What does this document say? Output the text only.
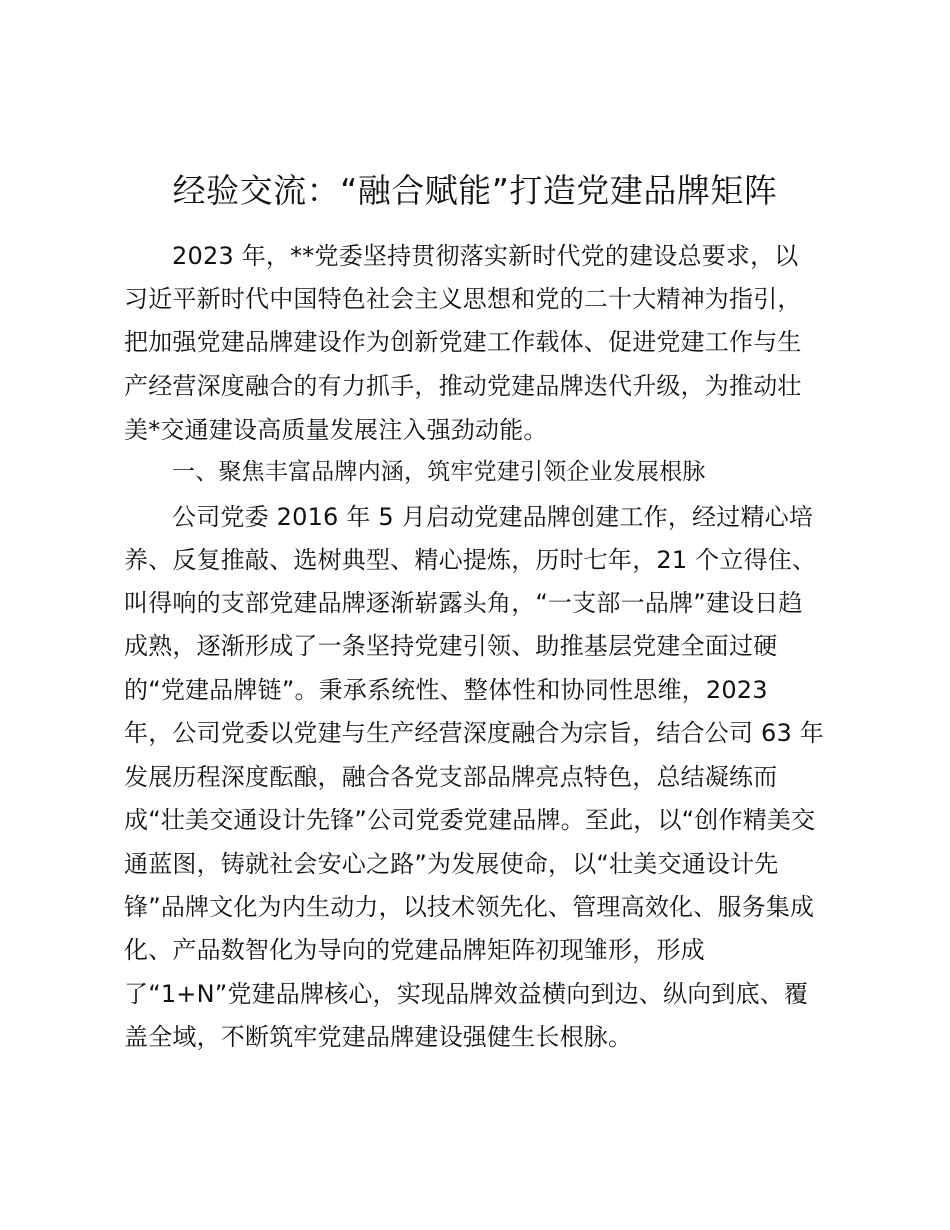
经验交流：“融合赋能”打造党建品牌矩阵
2023 年，**党委坚持贯彻落实新时代党的建设总要求，以
习近平新时代中国特色社会主义思想和党的二十大精神为指引，
把加强党建品牌建设作为创新党建工作载体、促进党建工作与生
产经营深度融合的有力抓手，推动党建品牌迭代升级，为推动壮
美*交通建设高质量发展注入强劲动能。
一、聚焦丰富品牌内涵，筑牢党建引领企业发展根脉
公司党委 2016 年 5 月启动党建品牌创建工作，经过精心培
养、反复推敲、选树典型、精心提炼，历时七年，21 个立得住、
叫得响的支部党建品牌逐渐崭露头角，“一支部一品牌”建设日趋
成熟，逐渐形成了一条坚持党建引领、助推基层党建全面过硬
的“党建品牌链”。秉承系统性、整体性和协同性思维，2023
年，公司党委以党建与生产经营深度融合为宗旨，结合公司 63 年
发展历程深度酝酿，融合各党支部品牌亮点特色，总结凝练而
成“壮美交通设计先锋”公司党委党建品牌。至此，以“创作精美交
通蓝图，铸就社会安心之路”为发展使命，以“壮美交通设计先
锋”品牌文化为内生动力，以技术领先化、管理高效化、服务集成
化、产品数智化为导向的党建品牌矩阵初现雏形，形成
了“1+N”党建品牌核心，实现品牌效益横向到边、纵向到底、覆
盖全域，不断筑牢党建品牌建设强健生长根脉。
